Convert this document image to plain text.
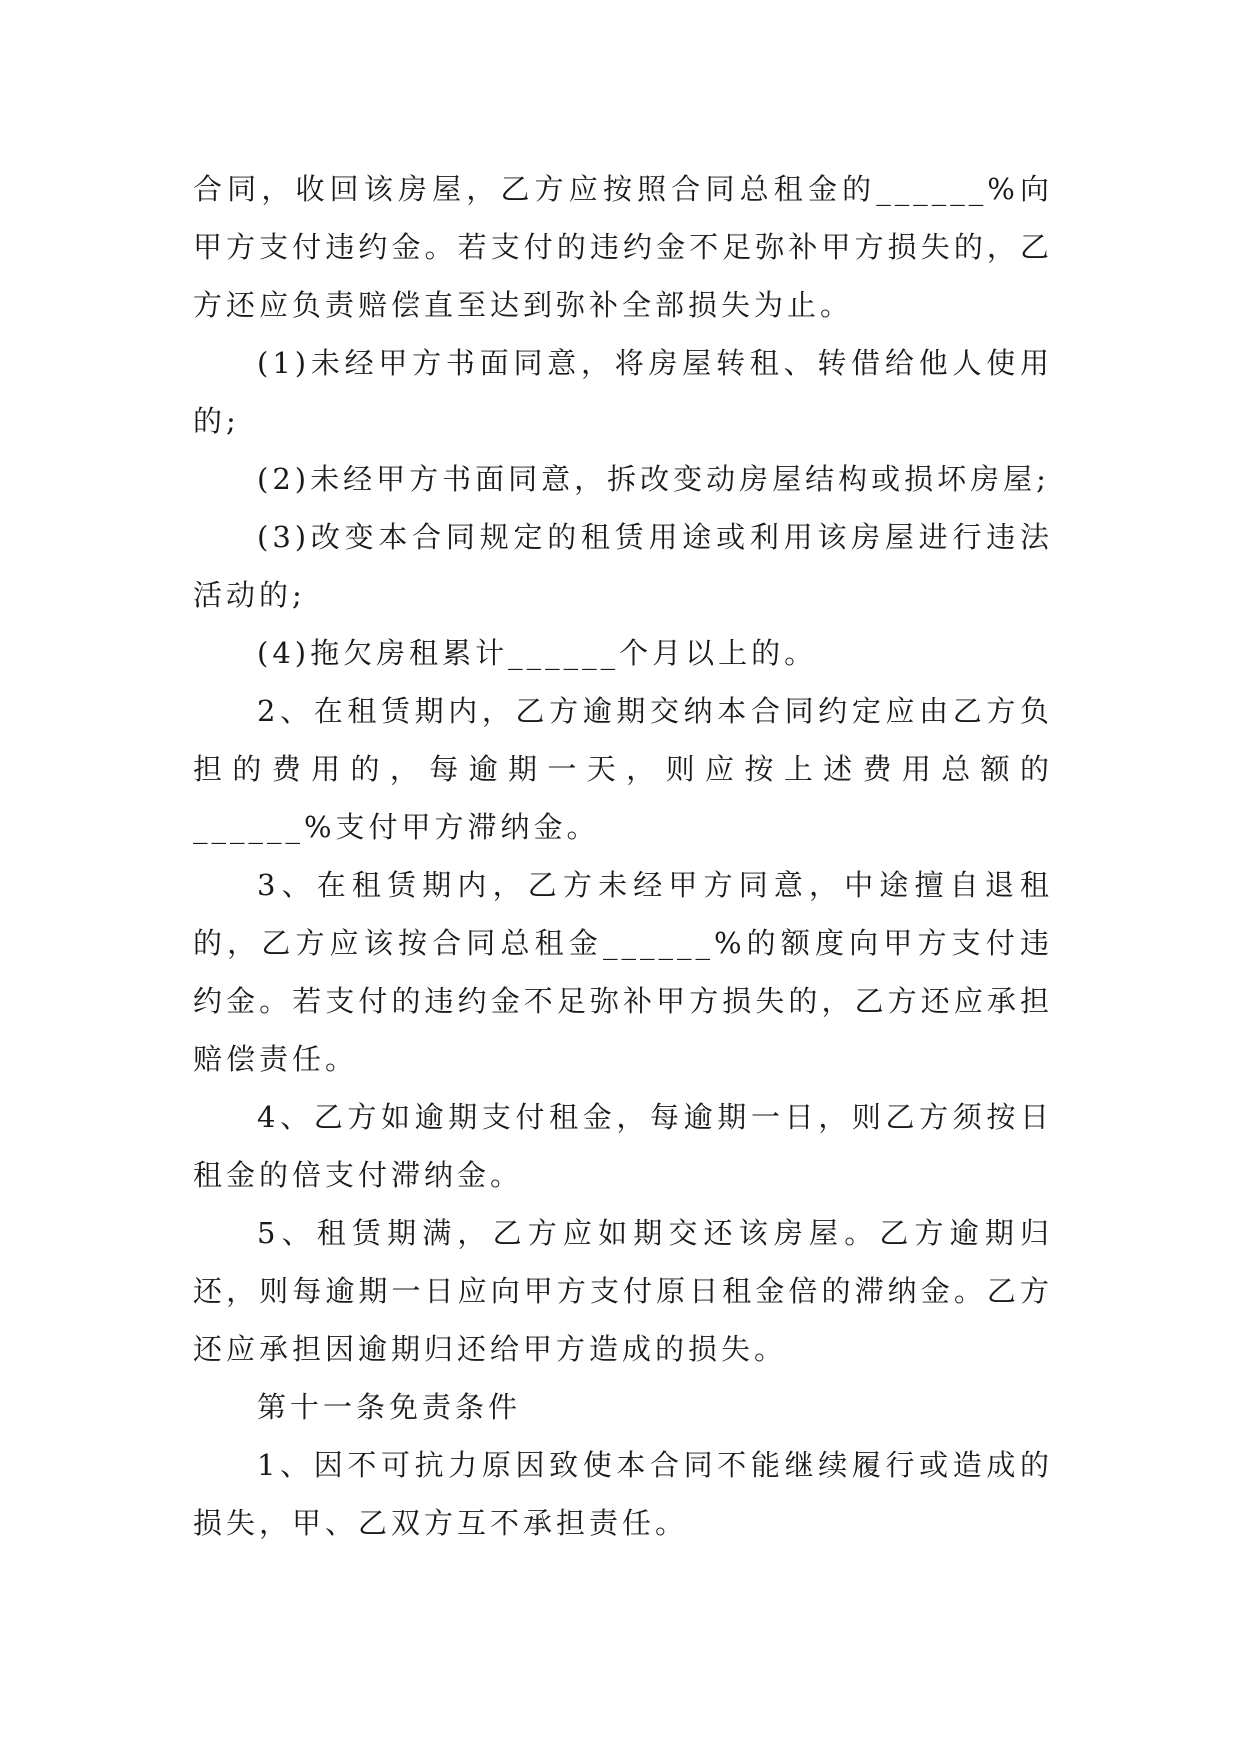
合同，收回该房屋，乙方应按照合同总租金的______%向甲方支付违约金。若支付的违约金不足弥补甲方损失的，乙方还应负责赔偿直至达到弥补全部损失为止。

(1)未经甲方书面同意，将房屋转租、转借给他人使用的;

(2)未经甲方书面同意，拆改变动房屋结构或损坏房屋;

(3)改变本合同规定的租赁用途或利用该房屋进行违法活动的;

(4)拖欠房租累计______个月以上的。

2、在租赁期内，乙方逾期交纳本合同约定应由乙方负担的费用的，每逾期一天，则应按上述费用总额的______%支付甲方滞纳金。

3、在租赁期内，乙方未经甲方同意，中途擅自退租的，乙方应该按合同总租金______%的额度向甲方支付违约金。若支付的违约金不足弥补甲方损失的，乙方还应承担赔偿责任。

4、乙方如逾期支付租金，每逾期一日，则乙方须按日租金的倍支付滞纳金。

5、租赁期满，乙方应如期交还该房屋。乙方逾期归还，则每逾期一日应向甲方支付原日租金倍的滞纳金。乙方还应承担因逾期归还给甲方造成的损失。

第十一条免责条件

1、因不可抗力原因致使本合同不能继续履行或造成的损失，甲、乙双方互不承担责任。
